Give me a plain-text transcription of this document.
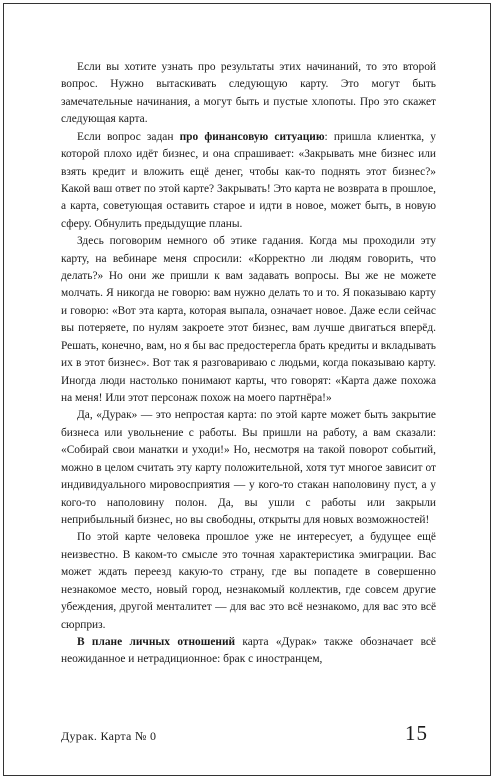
Если вы хотите узнать про результаты этих начинаний, то это второй вопрос. Нужно вытаскивать следующую карту. Это могут быть замечательные начинания, а могут быть и пустые хлопоты. Про это скажет следующая карта.

Если вопрос задан про финансовую ситуацию: пришла клиентка, у которой плохо идёт бизнес, и она спрашивает: «Закрывать мне бизнес или взять кредит и вложить ещё денег, чтобы как-то поднять этот бизнес?» Какой ваш ответ по этой карте? Закрывать! Это карта не возврата в прошлое, а карта, советующая оставить старое и идти в новое, может быть, в новую сферу. Обнулить предыдущие планы.

Здесь поговорим немного об этике гадания. Когда мы проходили эту карту, на вебинаре меня спросили: «Корректно ли людям говорить, что делать?» Но они же пришли к вам задавать вопросы. Вы же не можете молчать. Я никогда не говорю: вам нужно делать то и то. Я показываю карту и говорю: «Вот эта карта, которая выпала, означает новое. Даже если сейчас вы потеряете, по нулям закроете этот бизнес, вам лучше двигаться вперёд. Решать, конечно, вам, но я бы вас предостерегла брать кредиты и вкладывать их в этот бизнес». Вот так я разговариваю с людьми, когда показываю карту. Иногда люди настолько понимают карты, что говорят: «Карта даже похожа на меня! Или этот персонаж похож на моего партнёра!»

Да, «Дурак» — это непростая карта: по этой карте может быть закрытие бизнеса или увольнение с работы. Вы пришли на работу, а вам сказали: «Собирай свои манатки и уходи!» Но, несмотря на такой поворот событий, можно в целом считать эту карту положительной, хотя тут многое зависит от индивидуального мировосприятия — у кого-то стакан наполовину пуст, а у кого-то наполовину полон. Да, вы ушли с работы или закрыли неприбыльный бизнес, но вы свободны, открыты для новых возможностей!

По этой карте человека прошлое уже не интересует, а будущее ещё неизвестно. В каком-то смысле это точная характеристика эмиграции. Вас может ждать переезд какую-то страну, где вы попадете в совершенно незнакомое место, новый город, незнакомый коллектив, где совсем другие убеждения, другой менталитет — для вас это всё незнакомо, для вас это всё сюрприз.

В плане личных отношений карта «Дурак» также обозначает всё неожиданное и нетрадиционное: брак с иностранцем,

Дурак. Карта № 0	15
